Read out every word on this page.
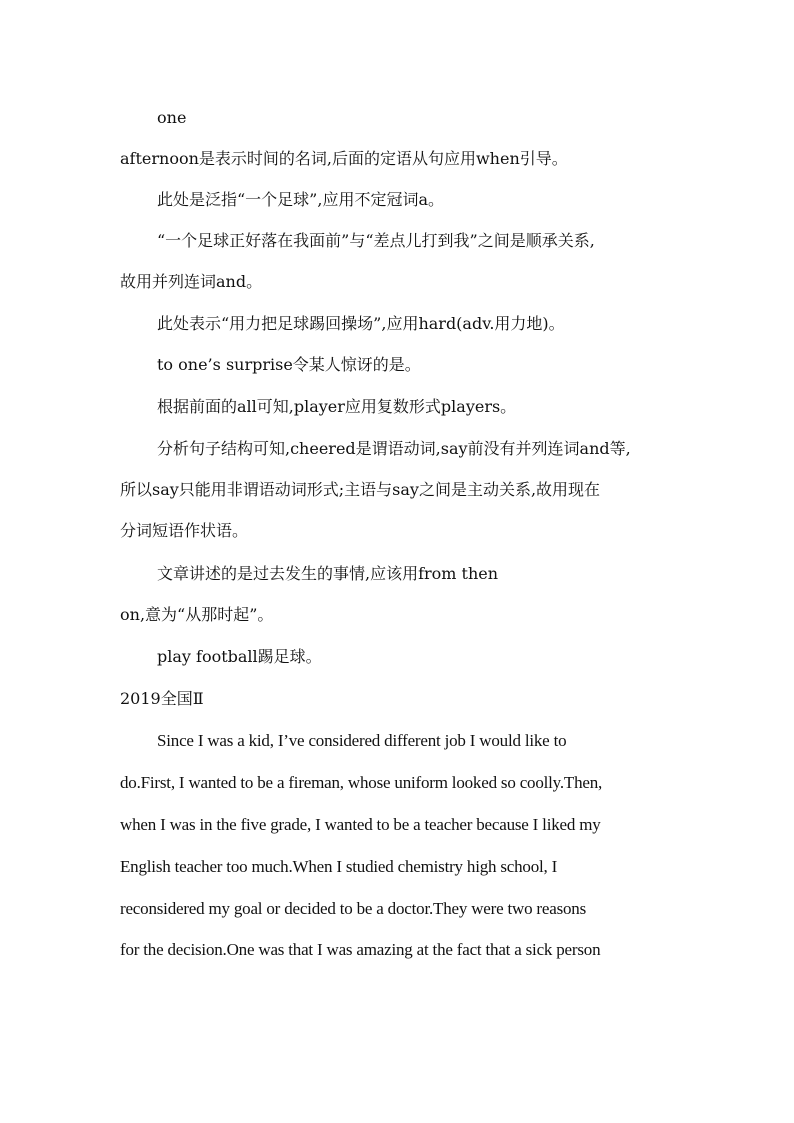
one
afternoon是表示时间的名词,后面的定语从句应用when引导。
此处是泛指“一个足球”,应用不定冠词a。
“一个足球正好落在我面前”与“差点儿打到我”之间是顺承关系,
故用并列连词and。
此处表示“用力把足球踢回操场”,应用hard(adv.用力地)。
to one’s surprise令某人惊讶的是。
根据前面的all可知,player应用复数形式players。
分析句子结构可知,cheered是谓语动词,say前没有并列连词and等,
所以say只能用非谓语动词形式;主语与say之间是主动关系,故用现在
分词短语作状语。
文章讲述的是过去发生的事情,应该用from then
on,意为“从那时起”。
play football踢足球。
2019全国Ⅱ
Since I was a kid, I’ve considered different job I would like to
do.First, I wanted to be a fireman, whose uniform looked so coolly.Then,
when I was in the five grade, I wanted to be a teacher because I liked my
English teacher too much.When I studied chemistry high school, I
reconsidered my goal or decided to be a doctor.They were two reasons
for the decision.One was that I was amazing at the fact that a sick person
